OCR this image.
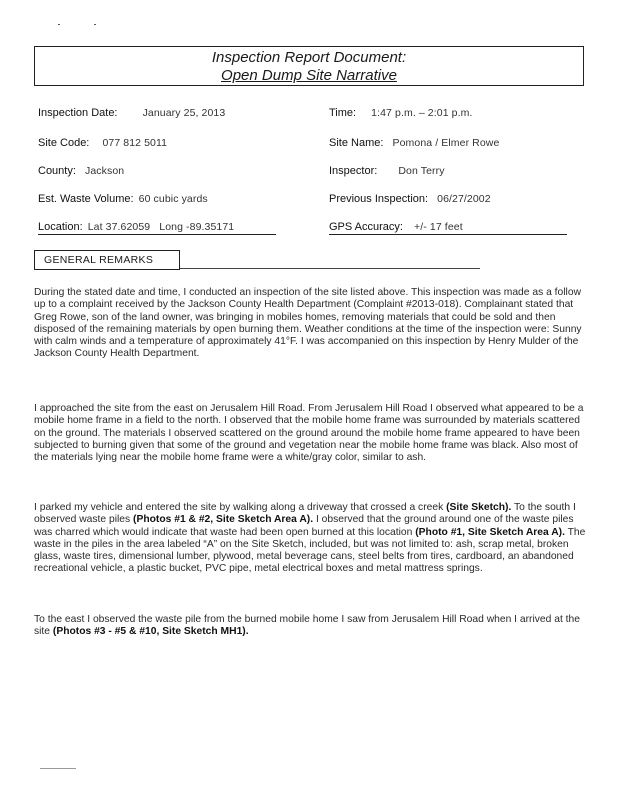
Inspection Report Document:
Open Dump Site Narrative
Inspection Date: January 25, 2013	Time: 1:47 p.m. – 2:01 p.m.
Site Code: 077 812 5011	Site Name: Pomona / Elmer Rowe
County: Jackson	Inspector: Don Terry
Est. Waste Volume: 60 cubic yards	Previous Inspection: 06/27/2002
Location: Lat 37.62059   Long -89.35171	GPS Accuracy: +/- 17 feet
GENERAL REMARKS

During the stated date and time, I conducted an inspection of the site listed above. This inspection was made as a follow up to a complaint received by the Jackson County Health Department (Complaint #2013-018). Complainant stated that Greg Rowe, son of the land owner, was bringing in mobiles homes, removing materials that could be sold and then disposed of the remaining materials by open burning them. Weather conditions at the time of the inspection were: Sunny with calm winds and a temperature of approximately 41°F. I was accompanied on this inspection by Henry Mulder of the Jackson County Health Department.

I approached the site from the east on Jerusalem Hill Road. From Jerusalem Hill Road I observed what appeared to be a mobile home frame in a field to the north. I observed that the mobile home frame was surrounded by materials scattered on the ground. The materials I observed scattered on the ground around the mobile home frame appeared to have been subjected to burning given that some of the ground and vegetation near the mobile home frame was black. Also most of the materials lying near the mobile home frame were a white/gray color, similar to ash.

I parked my vehicle and entered the site by walking along a driveway that crossed a creek (Site Sketch). To the south I observed waste piles (Photos #1 & #2, Site Sketch Area A). I observed that the ground around one of the waste piles was charred which would indicate that waste had been open burned at this location (Photo #1, Site Sketch Area A). The waste in the piles in the area labeled “A” on the Site Sketch, included, but was not limited to: ash, scrap metal, broken glass, waste tires, dimensional lumber, plywood, metal beverage cans, steel belts from tires, cardboard, an abandoned recreational vehicle, a plastic bucket, PVC pipe, metal electrical boxes and metal mattress springs.

To the east I observed the waste pile from the burned mobile home I saw from Jerusalem Hill Road when I arrived at the site (Photos #3 - #5 & #10, Site Sketch MH1).
